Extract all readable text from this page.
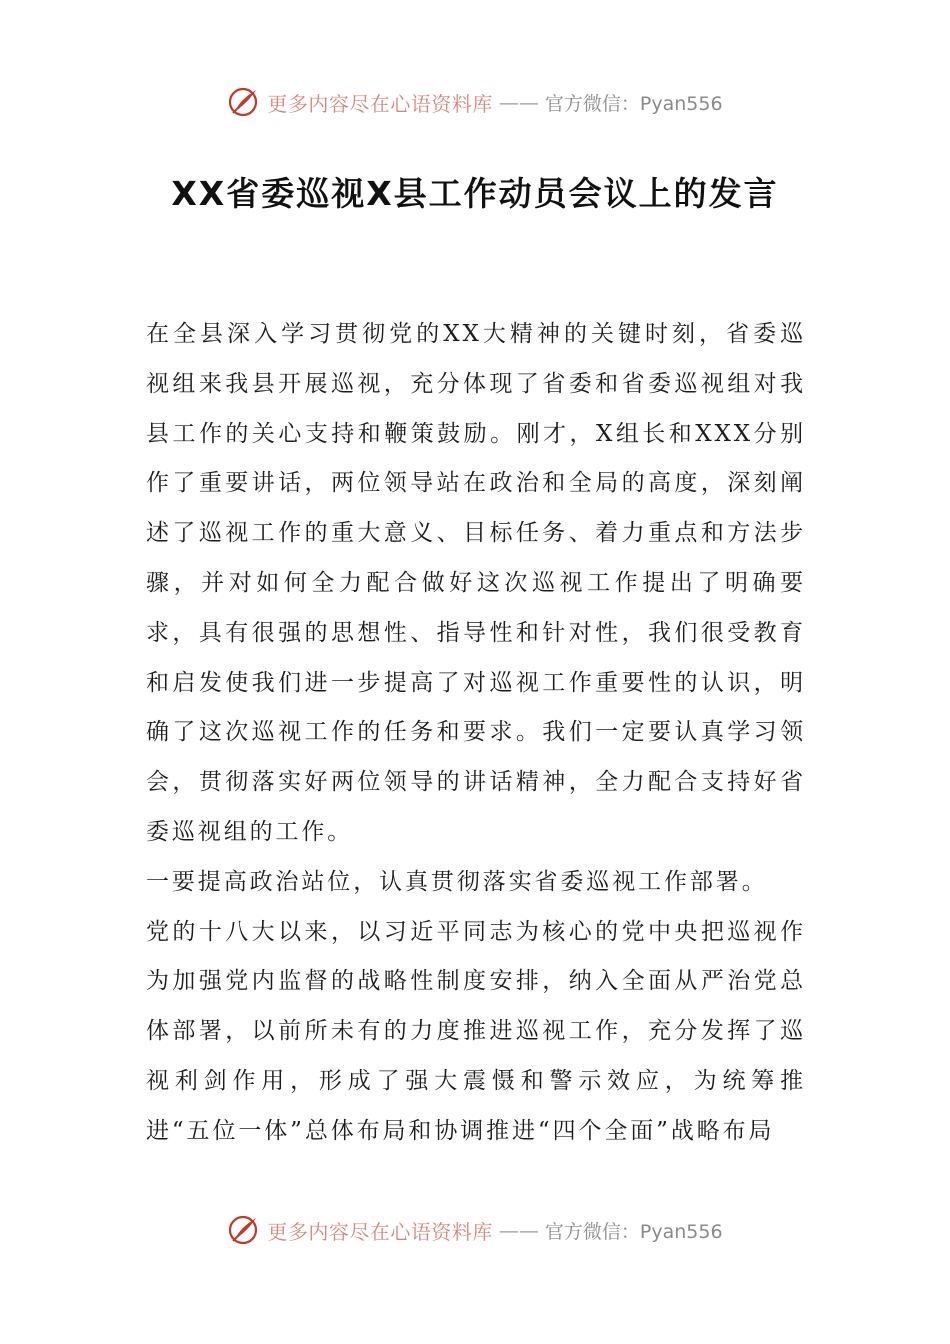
更多内容尽在心语资料库 —— 官方微信：Pyan556
XX省委巡视X县工作动员会议上的发言

在全县深入学习贯彻党的XX大精神的关键时刻，省委巡视组来我县开展巡视，充分体现了省委和省委巡视组对我县工作的关心支持和鞭策鼓励。刚才，X组长和XXX分别作了重要讲话，两位领导站在政治和全局的高度，深刻阐述了巡视工作的重大意义、目标任务、着力重点和方法步骤，并对如何全力配合做好这次巡视工作提出了明确要求，具有很强的思想性、指导性和针对性，我们很受教育和启发使我们进一步提高了对巡视工作重要性的认识，明确了这次巡视工作的任务和要求。我们一定要认真学习领会，贯彻落实好两位领导的讲话精神，全力配合支持好省委巡视组的工作。

一要提高政治站位，认真贯彻落实省委巡视工作部署。

党的十八大以来，以习近平同志为核心的党中央把巡视作为加强党内监督的战略性制度安排，纳入全面从严治党总体部署，以前所未有的力度推进巡视工作，充分发挥了巡视利剑作用，形成了强大震慑和警示效应，为统筹推进“五位一体”总体布局和协调推进“四个全面”战略布局

更多内容尽在心语资料库 —— 官方微信：Pyan556
